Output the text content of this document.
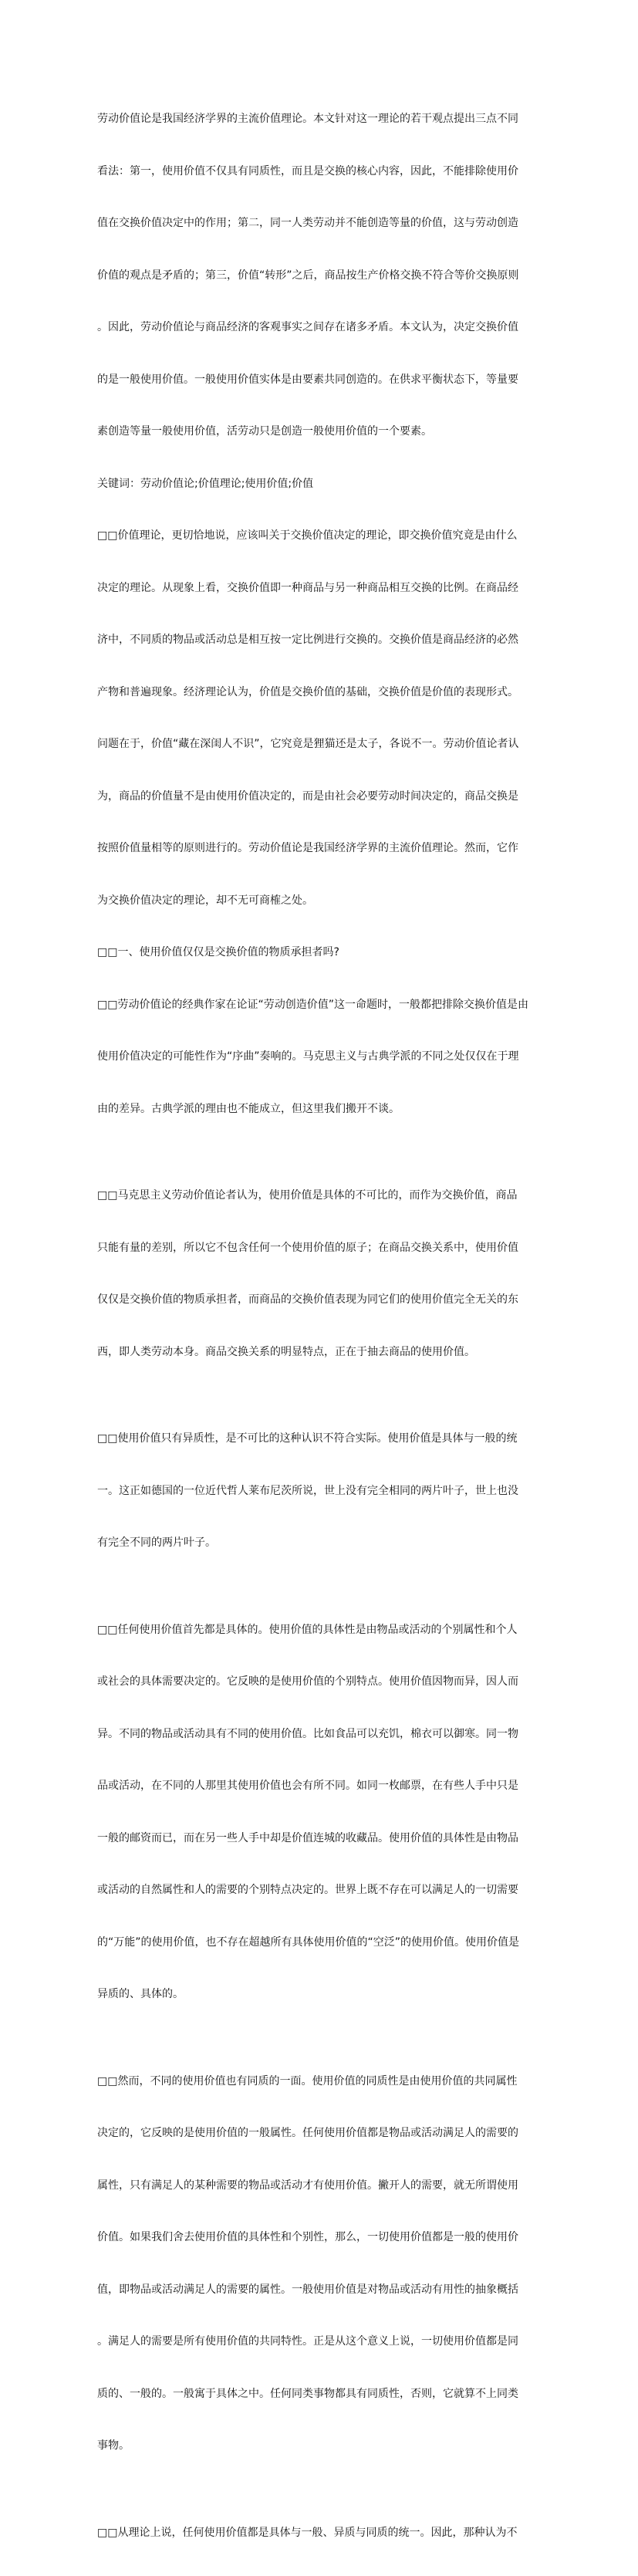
劳动价值论是我国经济学界的主流价值理论。本文针对这一理论的若干观点提出三点不同

看法：第一，使用价值不仅具有同质性，而且是交换的核心内容，因此，不能排除使用价

值在交换价值决定中的作用；第二，同一人类劳动并不能创造等量的价值，这与劳动创造

价值的观点是矛盾的；第三，价值“转形”之后，商品按生产价格交换不符合等价交换原则

。因此，劳动价值论与商品经济的客观事实之间存在诸多矛盾。本文认为，决定交换价值

的是一般使用价值。一般使用价值实体是由要素共同创造的。在供求平衡状态下，等量要

素创造等量一般使用价值，活劳动只是创造一般使用价值的一个要素。

关键词：劳动价值论;价值理论;使用价值;价值

□□价值理论，更切恰地说，应该叫关于交换价值决定的理论，即交换价值究竟是由什么

决定的理论。从现象上看，交换价值即一种商品与另一种商品相互交换的比例。在商品经

济中，不同质的物品或活动总是相互按一定比例进行交换的。交换价值是商品经济的必然

产物和普遍现象。经济理论认为，价值是交换价值的基础，交换价值是价值的表现形式。

问题在于，价值“藏在深闺人不识”，它究竟是狸猫还是太子，各说不一。劳动价值论者认

为，商品的价值量不是由使用价值决定的，而是由社会必要劳动时间决定的，商品交换是

按照价值量相等的原则进行的。劳动价值论是我国经济学界的主流价值理论。然而，它作

为交换价值决定的理论，却不无可商榷之处。

□□一、使用价值仅仅是交换价值的物质承担者吗?

□□劳动价值论的经典作家在论证“劳动创造价值”这一命题时，一般都把排除交换价值是由

使用价值决定的可能性作为“序曲”奏响的。马克思主义与古典学派的不同之处仅仅在于理

由的差异。古典学派的理由也不能成立，但这里我们搬开不谈。

□□马克思主义劳动价值论者认为，使用价值是具体的不可比的，而作为交换价值，商品

只能有量的差别，所以它不包含任何一个使用价值的原子；在商品交换关系中，使用价值

仅仅是交换价值的物质承担者，而商品的交换价值表现为同它们的使用价值完全无关的东

西，即人类劳动本身。商品交换关系的明显特点，正在于抽去商品的使用价值。

□□使用价值只有异质性，是不可比的这种认识不符合实际。使用价值是具体与一般的统

一。这正如德国的一位近代哲人莱布尼茨所说，世上没有完全相同的两片叶子，世上也没

有完全不同的两片叶子。

□□任何使用价值首先都是具体的。使用价值的具体性是由物品或活动的个别属性和个人

或社会的具体需要决定的。它反映的是使用价值的个别特点。使用价值因物而异，因人而

异。不同的物品或活动具有不同的使用价值。比如食品可以充饥，棉衣可以御寒。同一物

品或活动，在不同的人那里其使用价值也会有所不同。如同一枚邮票，在有些人手中只是

一般的邮资而已，而在另一些人手中却是价值连城的收藏品。使用价值的具体性是由物品

或活动的自然属性和人的需要的个别特点决定的。世界上既不存在可以满足人的一切需要

的“万能”的使用价值，也不存在超越所有具体使用价值的“空泛”的使用价值。使用价值是

异质的、具体的。

□□然而，不同的使用价值也有同质的一面。使用价值的同质性是由使用价值的共同属性

决定的，它反映的是使用价值的一般属性。任何使用价值都是物品或活动满足人的需要的

属性，只有满足人的某种需要的物品或活动才有使用价值。撇开人的需要，就无所谓使用

价值。如果我们舍去使用价值的具体性和个别性，那么，一切使用价值都是一般的使用价

值，即物品或活动满足人的需要的属性。一般使用价值是对物品或活动有用性的抽象概括

。满足人的需要是所有使用价值的共同特性。正是从这个意义上说，一切使用价值都是同

质的、一般的。一般寓于具体之中。任何同类事物都具有同质性，否则，它就算不上同类

事物。

□□从理论上说，任何使用价值都是具体与一般、异质与同质的统一。因此，那种认为不
